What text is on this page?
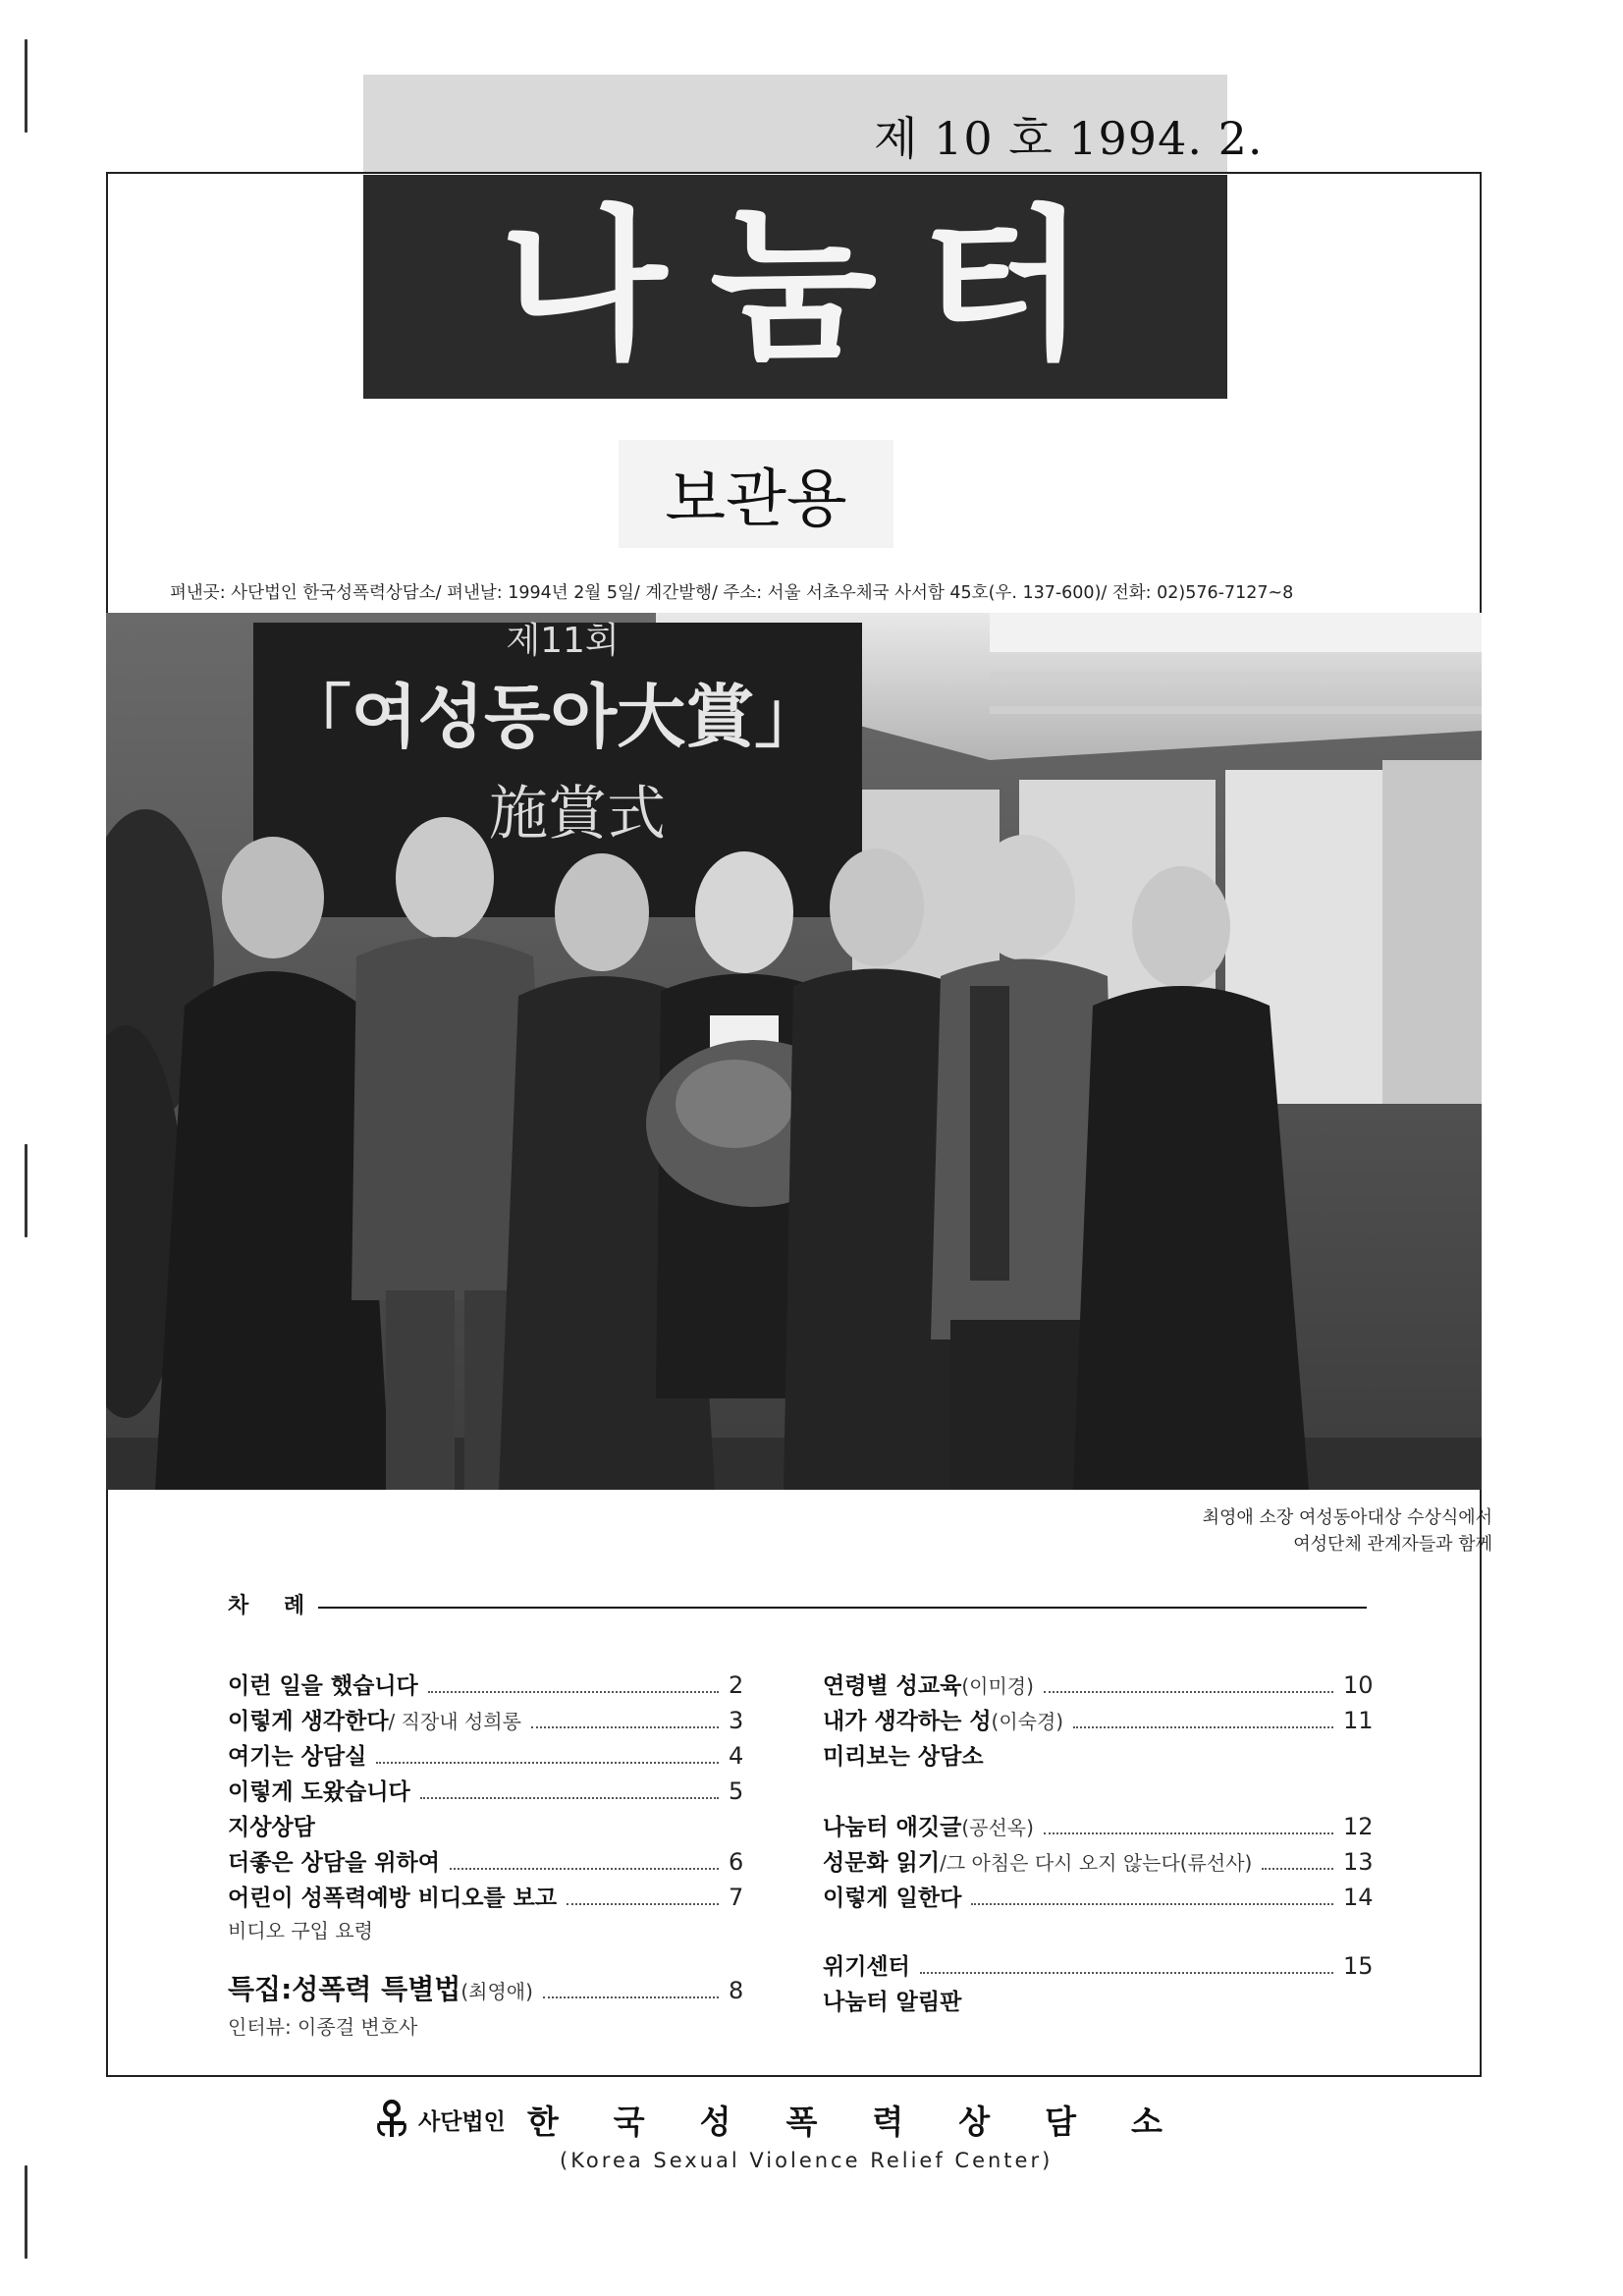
제 10 호 1994. 2.
나눔터
보관용
펴낸곳: 사단법인 한국성폭력상담소/ 펴낸날: 1994년 2월 5일/ 계간발행/ 주소: 서울 서초우체국 사서함 45호(우. 137-600)/ 전화: 02)576-7127~8
제11회
「여성동아大賞」
施賞式
최영애 소장 여성동아대상 수상식에서
여성단체 관계자들과 함께
차 례
이런 일을 했습니다	2
이렇게 생각한다 / 직장내 성희롱	3
여기는 상담실	4
이렇게 도왔습니다	5
지상상담
더좋은 상담을 위하여	6
어린이 성폭력예방 비디오를 보고	7
비디오 구입 요령
특집:성폭력 특별법 (최영애)	8
인터뷰: 이종걸 변호사
연령별 성교육 (이미경)	10
내가 생각하는 성 (이숙경)	11
미리보는 상담소
나눔터 애깃글 (공선옥)	12
성문화 읽기 /그 아침은 다시 오지 않는다(류선사)	13
이렇게 일한다	14
위기센터	15
나눔터 알림판
사단법인 한국성폭력상담소
(Korea Sexual Violence Relief Center)
